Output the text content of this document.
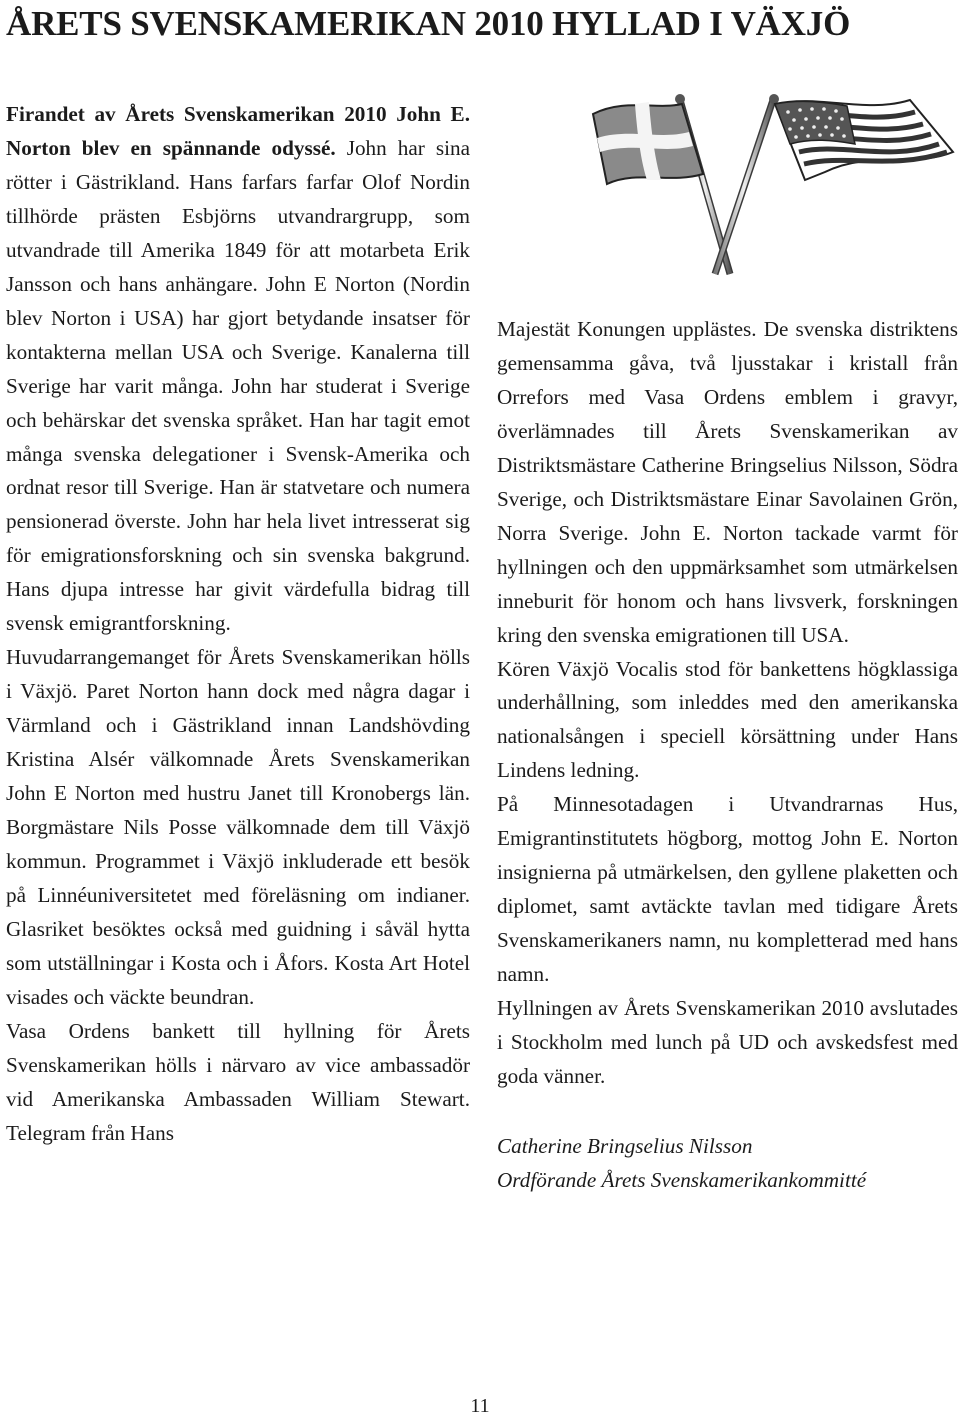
ÅRETS SVENSKAMERIKAN 2010 HYLLAD I VÄXJÖ

Firandet av Årets Svenskamerikan 2010 John E. Norton blev en spännande odyssé. John har sina rötter i Gästrikland. Hans farfars farfar Olof Nordin tillhörde prästen Esbjörns utvandrargrupp, som utvandrade till Amerika 1849 för att motarbeta Erik Jansson och hans anhängare. John E Norton (Nordin blev Norton i USA) har gjort betydande insatser för kontakterna mellan USA och Sverige. Kanalerna till Sverige har varit många. John har studerat i Sverige och behärskar det svenska språket. Han har tagit emot många svenska delegationer i Svensk-Amerika och ordnat resor till Sverige. Han är statvetare och numera pensionerad överste. John har hela livet intresserat sig för emigrationsforskning och sin svenska bakgrund. Hans djupa intresse har givit värdefulla bidrag till svensk emigrantforskning.

Huvudarrangemanget för Årets Svenskamerikan hölls i Växjö. Paret Norton hann dock med några dagar i Värmland och i Gästrikland innan Landshövding Kristina Alsér välkomnade Årets Svenskamerikan John E Norton med hustru Janet till Kronobergs län. Borgmästare Nils Posse välkomnade dem till Växjö kommun. Programmet i Växjö inkluderade ett besök på Linnéuniversitetet med föreläsning om indianer. Glasriket besöktes också med guidning i såväl hytta som utställningar i Kosta och i Åfors. Kosta Art Hotel visades och väckte beundran.

Vasa Ordens bankett till hyllning för Årets Svenskamerikan hölls i närvaro av vice ambassadör vid Amerikanska Ambassaden William Stewart. Telegram från Hans

Majestät Konungen upplästes. De svenska distriktens gemensamma gåva, två ljusstakar i kristall från Orrefors med Vasa Ordens emblem i gravyr, överlämnades till Årets Svenskamerikan av Distriktsmästare Catherine Bringselius Nilsson, Södra Sverige, och Distriktsmästare Einar Savolainen Grön, Norra Sverige. John E. Norton tackade varmt för hyllningen och den uppmärksamhet som utmärkelsen inneburit för honom och hans livsverk, forskningen kring den svenska emigrationen till USA.

Kören Växjö Vocalis stod för bankettens högklassiga underhållning, som inleddes med den amerikanska nationalsången i speciell körsättning under Hans Lindens ledning.

På Minnesotadagen i Utvandrarnas Hus, Emigrantinstitutets högborg, mottog John E. Norton insignierna på utmärkelsen, den gyllene plaketten och diplomet, samt avtäckte tavlan med tidigare Årets Svenskamerikaners namn, nu kompletterad med hans namn.

Hyllningen av Årets Svenskamerikan 2010 avslutades i Stockholm med lunch på UD och avskedsfest med goda vänner.

Catherine Bringselius Nilsson
Ordförande Årets Svenskamerikankommitté

11
